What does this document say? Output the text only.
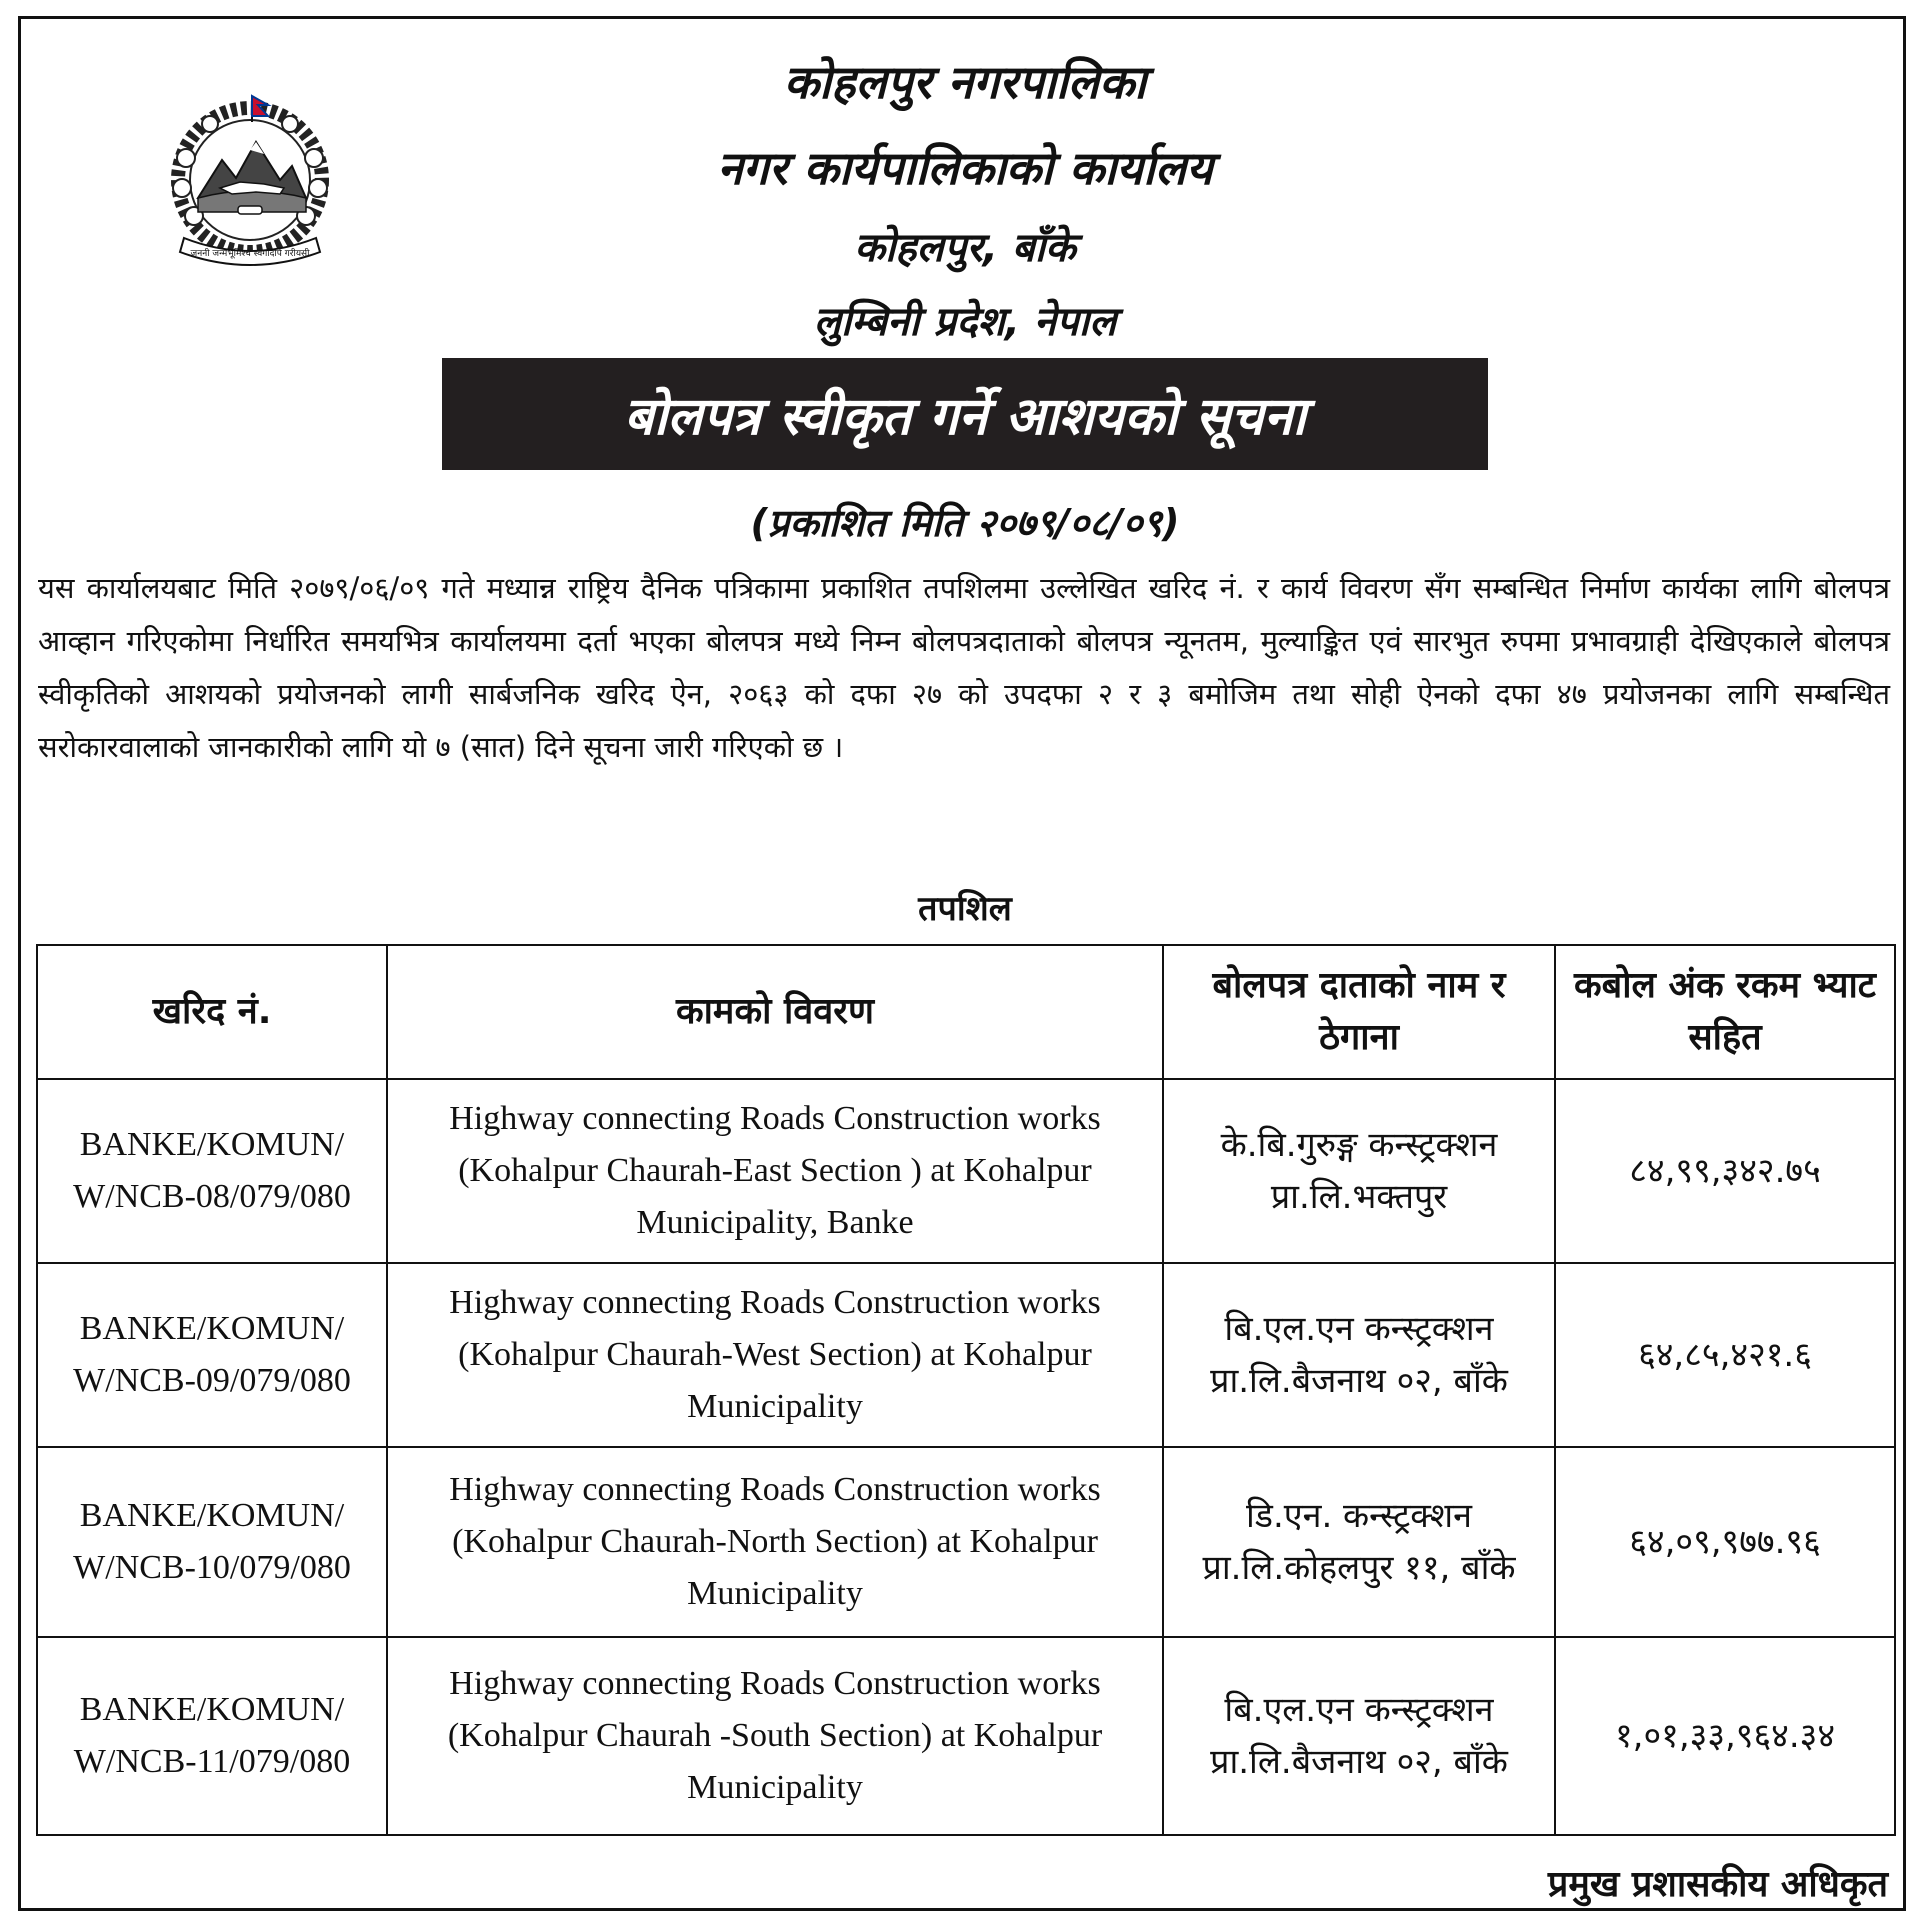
जननी जन्मभूमिश्च स्वर्गादपि गरीयसी
कोहलपुर नगरपालिका
नगर कार्यपालिकाको कार्यालय
कोहलपुर, बाँके
लुम्बिनी प्रदेश, नेपाल
बोलपत्र स्वीकृत गर्ने आशयको सूचना
(प्रकाशित मिति २०७९/०८/०९)
यस कार्यालयबाट मिति २०७९/०६/०९ गते मध्यान्न राष्ट्रिय दैनिक पत्रिकामा प्रकाशित तपशिलमा उल्लेखित खरिद नं. र कार्य विवरण सँग सम्बन्धित निर्माण कार्यका लागि बोलपत्र आव्हान गरिएकोमा निर्धारित समयभित्र कार्यालयमा दर्ता भएका बोलपत्र मध्ये निम्न बोलपत्रदाताको बोलपत्र न्यूनतम, मुल्याङ्कित एवं सारभुत रुपमा प्रभावग्राही देखिएकाले बोलपत्र स्वीकृतिको आशयको प्रयोजनको लागी सार्बजनिक खरिद ऐन, २०६३ को दफा २७ को उपदफा २ र ३ बमोजिम तथा सोही ऐनको दफा ४७ प्रयोजनका लागि सम्बन्धित सरोकारवालाको जानकारीको लागि यो ७ (सात) दिने सूचना जारी गरिएको छ ।
तपशिल
खरिद नं.	कामको विवरण	बोलपत्र दाताको नाम र ठेगाना	कबोल अंक रकम भ्याट सहित
BANKE/KOMUN/ W/NCB-08/079/080	Highway connecting Roads Construction works (Kohalpur Chaurah-East Section ) at Kohalpur Municipality, Banke	के.बि.गुरुङ्ग कन्स्ट्रक्शन प्रा.लि.भक्तपुर	८४,९९,३४२.७५
BANKE/KOMUN/ W/NCB-09/079/080	Highway connecting Roads Construction works (Kohalpur Chaurah-West Section) at Kohalpur Municipality	बि.एल.एन कन्स्ट्रक्शन प्रा.लि.बैजनाथ ०२, बाँके	६४,८५,४२१.६
BANKE/KOMUN/ W/NCB-10/079/080	Highway connecting Roads Construction works (Kohalpur Chaurah-North Section) at Kohalpur Municipality	डि.एन. कन्स्ट्रक्शन प्रा.लि.कोहलपुर ११, बाँके	६४,०९,९७७.९६
BANKE/KOMUN/ W/NCB-11/079/080	Highway connecting Roads Construction works (Kohalpur Chaurah -South Section) at Kohalpur Municipality	बि.एल.एन कन्स्ट्रक्शन प्रा.लि.बैजनाथ ०२, बाँके	१,०१,३३,९६४.३४
प्रमुख प्रशासकीय अधिकृत
